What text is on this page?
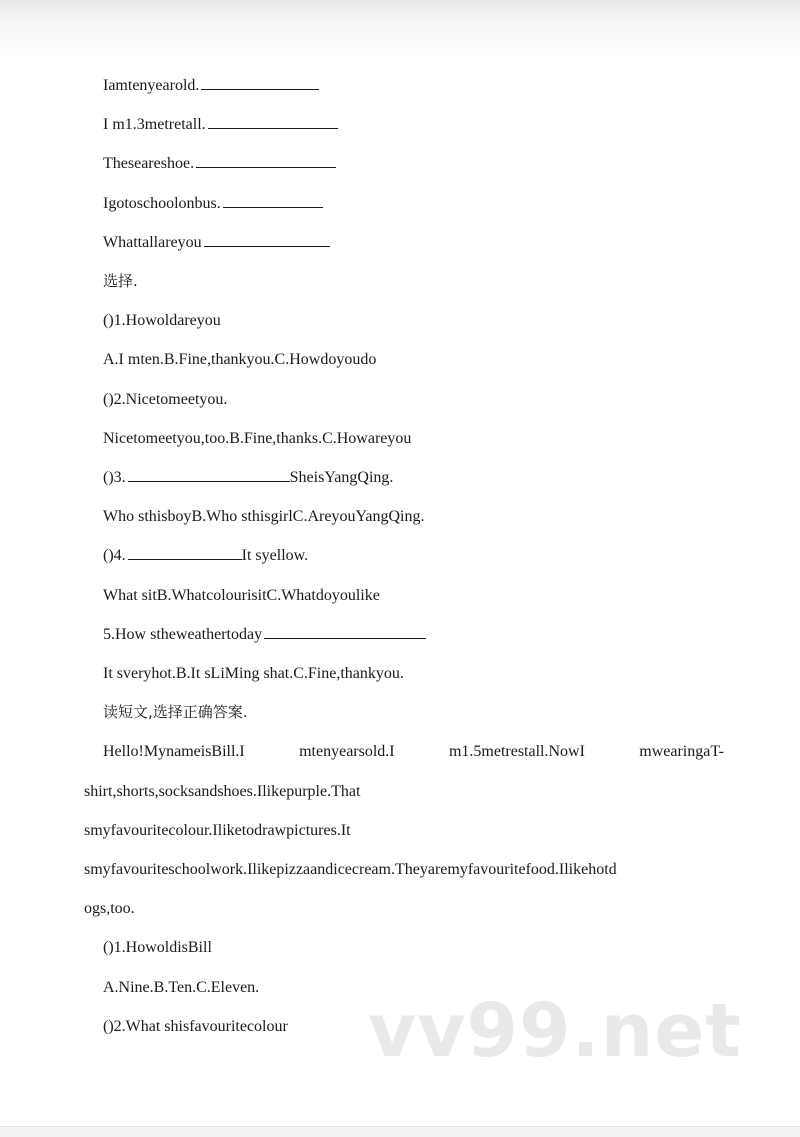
Iamtenyearold.
I m1.3metretall.
Theseareshoe.
Igotoschoolonbus.
Whattallareyou
选择.
()1.Howoldareyou
A.I mten.B.Fine,thankyou.C.Howdoyoudo
()2.Nicetomeetyou.
Nicetomeetyou,too.B.Fine,thanks.C.Howareyou
()3.	SheisYangQing.
Who sthisboyB.Who sthisgirlC.AreyouYangQing.
()4.	It syellow.
What sitB.WhatcolourisitC.Whatdoyoulike
5.How stheweathertoday
It sveryhot.B.It sLiMing shat.C.Fine,thankyou.
读短文,选择正确答案.
Hello!MynameisBill.I	mtenyearsold.I	m1.5metrestall.NowI	mwearingaT-
shirt,shorts,socksandshoes.Ilikepurple.That
smyfavouritecolour.Iliketodrawpictures.It
smyfavouriteschoolwork.Ilikepizzaandicecream.Theyaremyfavouritefood.Ilikehotd
ogs,too.
()1.HowoldisBill
A.Nine.B.Ten.C.Eleven.
()2.What shisfavouritecolour	vv99.net
